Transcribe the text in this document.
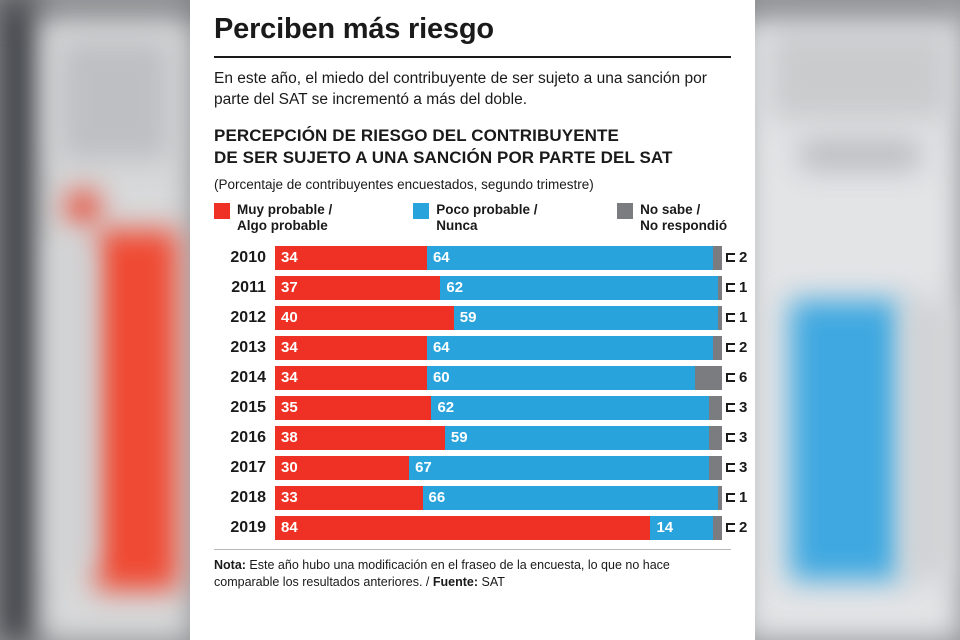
Perciben más riesgo
En este año, el miedo del contribuyente de ser sujeto a una sanción por parte del SAT se incrementó a más del doble.
PERCEPCIÓN DE RIESGO DEL CONTRIBUYENTE
DE SER SUJETO A UNA SANCIÓN POR PARTE DEL SAT
(Porcentaje de contribuyentes encuestados, segundo trimestre)
Muy probable /
Algo probable
Poco probable /
Nunca
No sabe /
No respondió
2010	34	64	2
2011	37	62	1
2012	40	59	1
2013	34	64	2
2014	34	60	6
2015	35	62	3
2016	38	59	3
2017	30	67	3
2018	33	66	1
2019	84	14	2
Nota: Este año hubo una modificación en el fraseo de la encuesta, lo que no hace comparable los resultados anteriores. / Fuente: SAT
